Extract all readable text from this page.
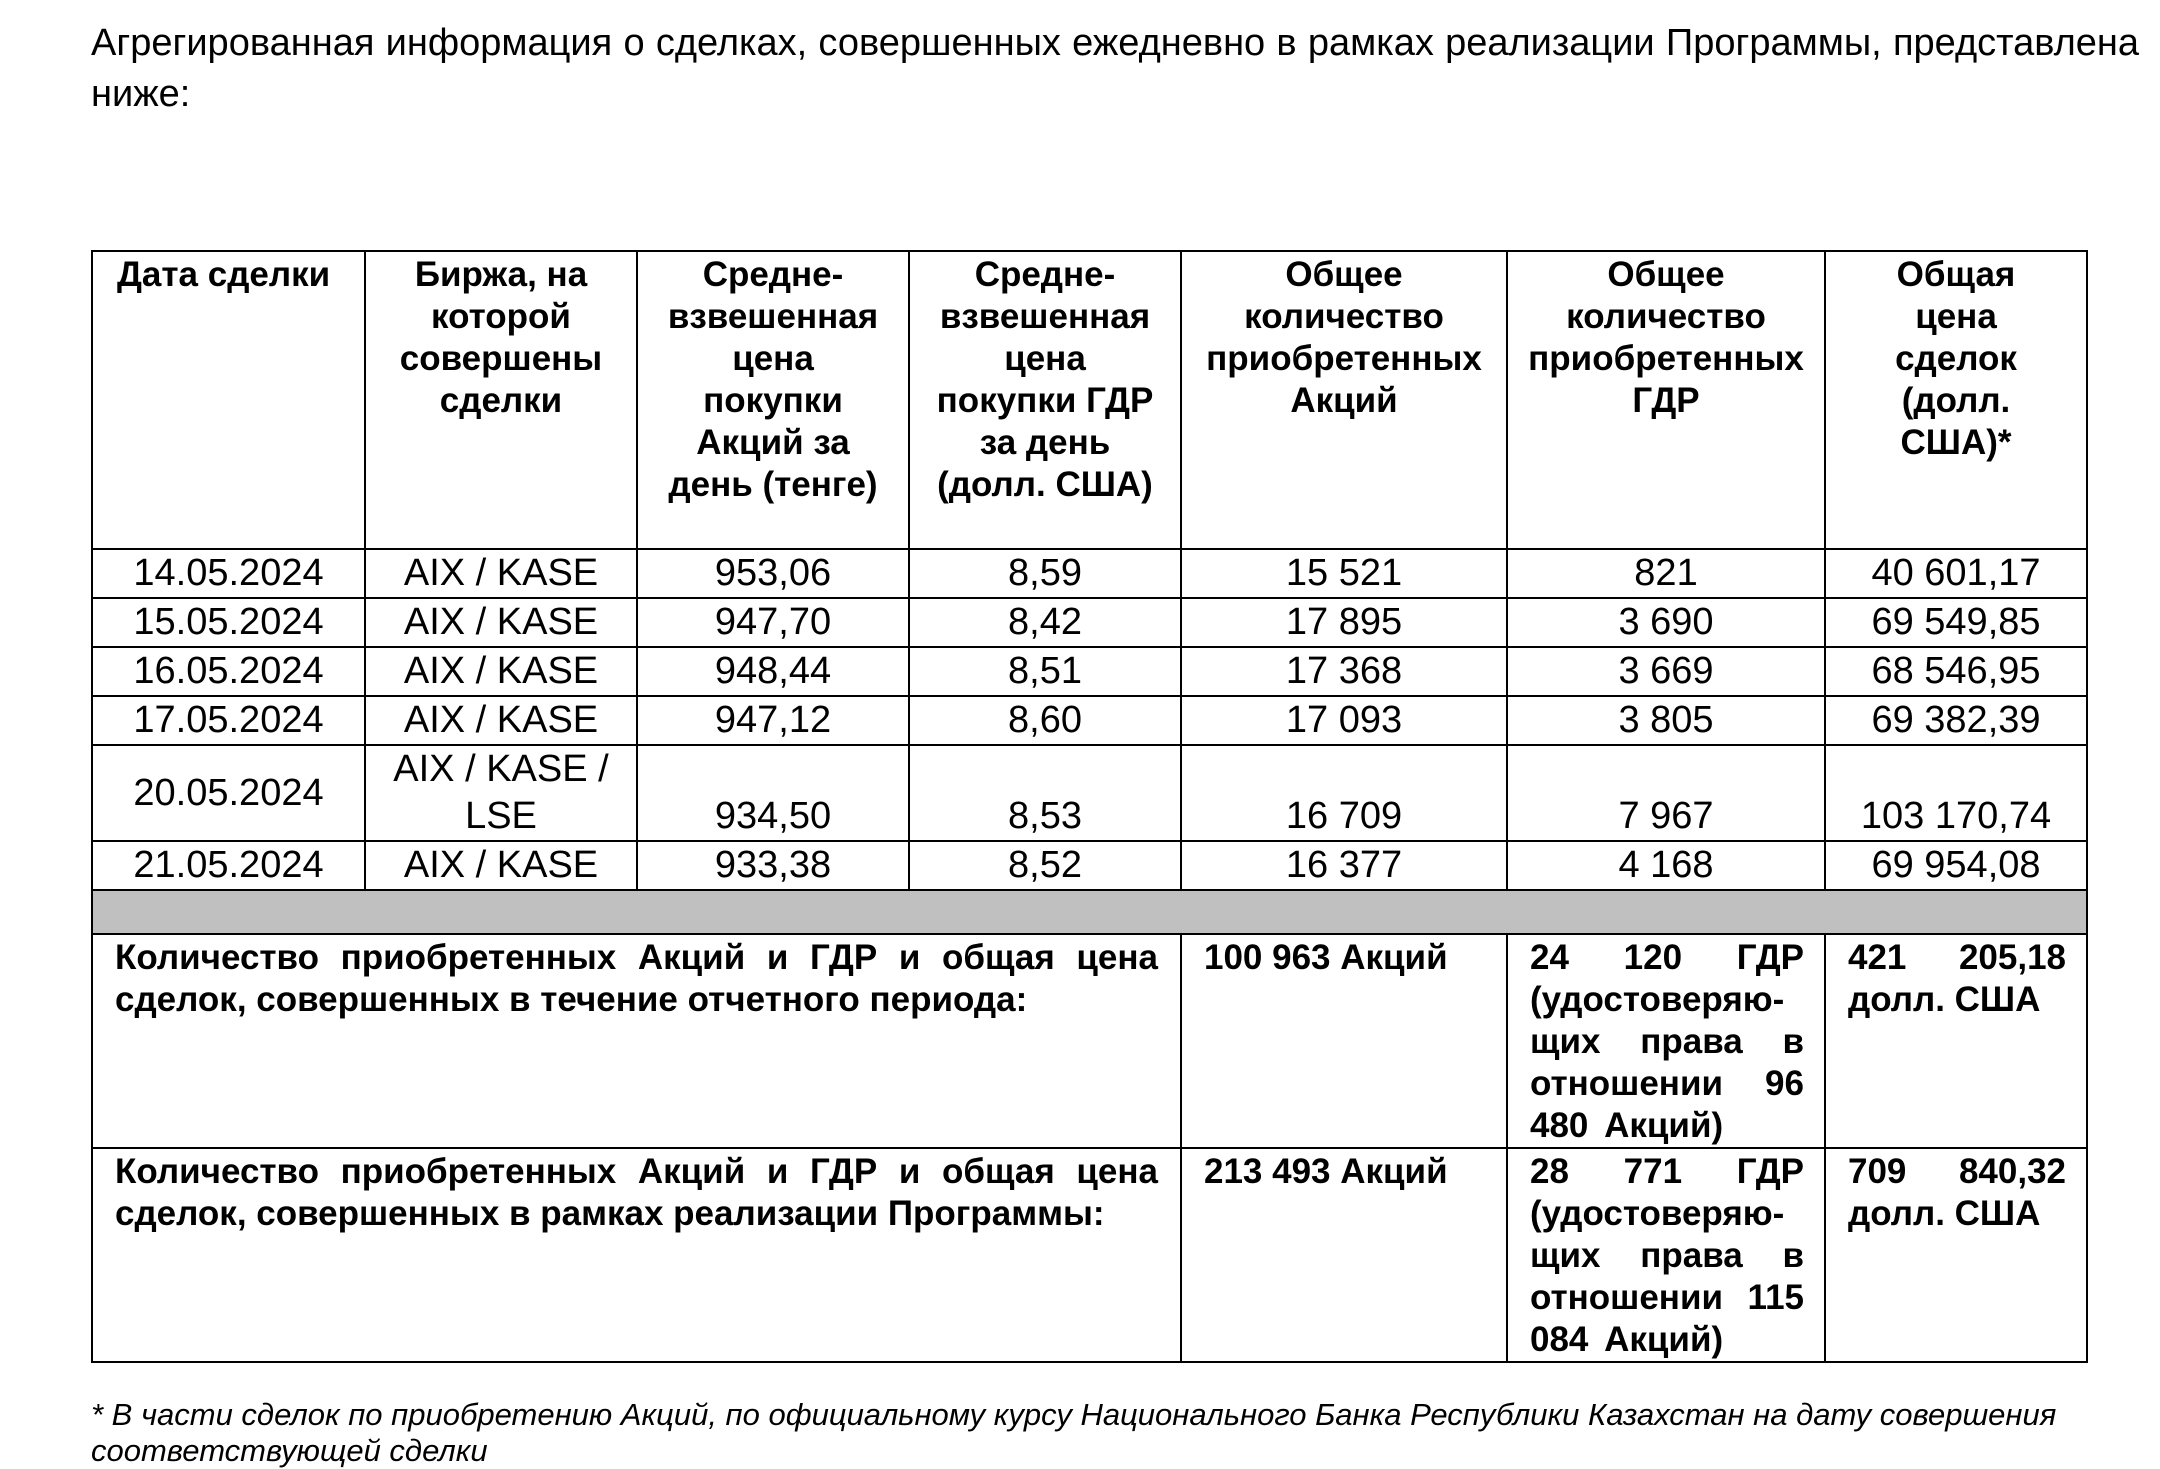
Агрегированная информация о сделках, совершенных ежедневно в рамках реализации Программы, представлена ниже:
Дата сделки	Биржа, на которой совершены сделки	Средне-взвешенная цена покупки Акций за день (тенге)	Средне-взвешенная цена покупки ГДР за день (долл. США)	Общее количество приобретенных Акций	Общее количество приобретенных ГДР	Общая цена сделок (долл. США)*
14.05.2024	AIX / KASE	953,06	8,59	15 521	821	40 601,17
15.05.2024	AIX / KASE	947,70	8,42	17 895	3 690	69 549,85
16.05.2024	AIX / KASE	948,44	8,51	17 368	3 669	68 546,95
17.05.2024	AIX / KASE	947,12	8,60	17 093	3 805	69 382,39
20.05.2024	AIX / KASE / LSE	934,50	8,53	16 709	7 967	103 170,74
21.05.2024	AIX / KASE	933,38	8,52	16 377	4 168	69 954,08

Количество приобретенных Акций и ГДР и общая цена сделок, совершенных в течение отчетного периода:				100 963 Акций	24 120 ГДР (удостоверяю-щих права в отношении 96 480 Акций)	421 205,18 долл. США
Количество приобретенных Акций и ГДР и общая цена сделок, совершенных в рамках реализации Программы:				213 493 Акций	28 771 ГДР (удостоверяю-щих права в отношении 115 084 Акций)	709 840,32 долл. США
* В части сделок по приобретению Акций, по официальному курсу Национального Банка Республики Казахстан на дату совершения соответствующей сделки
